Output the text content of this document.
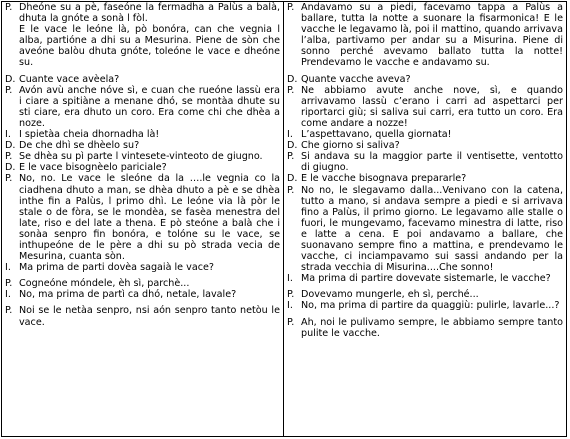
P. Dheóne su a pè, faseóne la fermadha a Palùs a balà, dhuta la gnóte a sonà l fòl.
E le vace le leóne là, pò bonóra, can che vegnia l alba, partióne a dhi su a Mesurina. Piene de sòn che aveóne balòu dhuta gnóte, toleóne le vace e dheóne su.
D. Cuante vace avèela?
P. Avón avù anche nóve sì, e cuan che rueóne lassù era i ciare a spitiàne a menane dhó, se montàa dhute su sti ciare, era dhuto un coro. Era come chi che dhèa a noze.
I. I spietàa cheia dhornadha là!
D. De che dhì se dhèelo su?
P. Se dhèa su pì parte l vintesete-vinteoto de giugno.
D. E le vace bisognèelo pariciale?
P. No, no. Le vace le sleóne da la ….le vegnia co la ciadhena dhuto a man, se dhèa dhuto a pè e se dhèa inthe fin a Palùs, l primo dhì. Le leóne via là pòr le stale o de fòra, se le mondèa, se fasèa menestra del late, riso e del late a thena. E pò steóne a balà che i sonàa senpro fin bonóra, e tolóne su le vace, se inthupeóne de le père a dhi su pò strada vecia de Mesurina, cuanta sòn.
I. Ma prima de parti dovèa sagaià le vace?
P. Cogneóne móndele, èh sì, parchè...
I. No, ma prima de partì ca dhó, netale, lavale?
P. Noi se le netàa senpro, nsi aón senpro tanto netòu le vace.
P. Andavamo su a piedi, facevamo tappa a Palùs a ballare, tutta la notte a suonare la fisarmonica! E le vacche le legavamo là, poi il mattino, quando arrivava l’alba, partivamo per andar su a Misurina. Piene di sonno perché avevamo ballato tutta la notte! Prendevamo le vacche e andavamo su.
D. Quante vacche aveva?
P. Ne abbiamo avute anche nove, sì, e quando arrivavamo lassù c’erano i carri ad aspettarci per riportarci giù; si saliva sui carri, era tutto un coro. Era come andare a nozze!
I. L’aspettavano, quella giornata!
D. Che giorno si saliva?
P. Si andava su la maggior parte il ventisette, ventotto di giugno.
D. E le vacche bisognava prepararle?
P. No no, le slegavamo dalla...Venivano con la catena, tutto a mano, si andava sempre a piedi e si arrivava fino a Palùs, il primo giorno. Le legavamo alle stalle o fuori, le mungevamo, facevamo minestra di latte, riso e latte a cena. E poi andavamo a ballare, che suonavano sempre fino a mattina, e prendevamo le vacche, ci inciampavamo sui sassi andando per la strada vecchia di Misurina....Che sonno!
I. Ma prima di partire dovevate sistemarle, le vacche?
P. Dovevamo mungerle, eh sì, perché...
I. No, ma prima di partire da quaggiù: pulirle, lavarle...?
P. Ah, noi le pulivamo sempre, le abbiamo sempre tanto pulite le vacche.
